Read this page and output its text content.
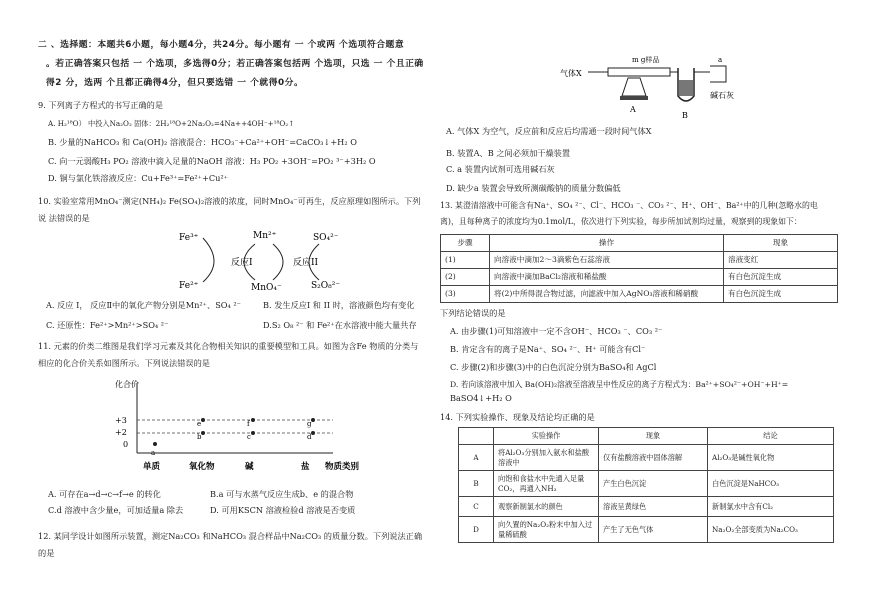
二 、选择题：本题共6小题，每小题4分，共24分。每小题有 一 个或两 个选项符合题意
。若正确答案只包括 一 个选项，多选得0分；若正确答案包括两 个选项，只选 一 个且正确
得2 分，选两 个且都正确得4分，但只要选错 一 个就得0分。
9. 下列离子方程式的书写正确的是
A. H₂¹⁸O） 中投入Na₂O₂ 固体：2H₂¹⁸O+2Na₂O₂=4Na++4OH⁻+¹⁸O₂↑
B. 少量的NaHCO₃ 和 Ca(OH)₂ 溶液混合：HCO₃⁻+Ca²⁺+OH⁻=CaCO₃↓+H₂ O
C. 向一元弱酸H₃ PO₂ 溶液中滴入足量的NaOH 溶液：H₃ PO₂ +3OH⁻=PO₂ ³⁻+3H₂ O
D. 铜与氯化铁溶液反应：Cu+Fe³⁺=Fe²⁺+Cu²⁺
10. 实验室常用MnO₄⁻测定(NH₄)₂ Fe(SO₄)₂溶液的浓度，同时MnO₄⁻可再生，反应原理如图所示。下列
说 法错误的是
Fe³⁺
Fe²⁺
Mn²⁺
MnO₄⁻
SO₄²⁻
S₂O₈²⁻
反应I	反应II
A. 反应 I， 反应Ⅱ中的氧化产物分别是Mn²⁺、SO₄ ²⁻	B. 发生反应I 和 II 时，溶液颜色均有变化
C. 还原性：Fe²⁺>Mn²⁺>SO₄ ²⁻	D.S₂ O₈ ²⁻ 和 Fe²⁺在水溶液中能大量共存
11. 元素的价类二维图是我们学习元素及其化合物相关知识的重要模型和工具。如图为含Fe 物质的分类与
相应的化合价关系如图所示。下列说法错误的是
化合价
+3
+2
0
a
b	c	d
e	f	g
单质	氧化物	碱	盐 物质类别
A. 可存在a→d→c→f→e 的转化	B.a 可与水蒸气反应生成b、e 的混合物
C.d 溶液中含少量e，可加适量a 除去	D. 可用KSCN 溶液检验d 溶液是否变质
12. 某同学设计如图所示装置，测定Na₂CO₃ 和NaHCO₃ 混合样品中Na₂CO₃ 的质量分数。下列说法正确
的是
气体X
m g样品
A
B
a
碱石灰
A. 气体X 为空气，反应前和反应后均需通一段时间气体X
B. 装置A、B 之间必须加干燥装置
C. a 装置内试剂可选用碱石灰
D. 缺少a 装置会导致所测碳酸钠的质量分数偏低
13. 某澄清溶液中可能含有Na⁺、SO₄ ²⁻、Cl⁻、HCO₃ ⁻、CO₃ ²⁻、H⁺、OH⁻、Ba²⁺中的几种(忽略水的电
离)，且每种离子的浓度均为0.1mol/L，依次进行下列实验，每步所加试剂均过量，观察到的现象如下：
步骤	操作	现象
(1)	向溶液中滴加2～3滴紫色石蕊溶液	溶液变红
(2)	向溶液中滴加BaCl₂溶液和稀盐酸	有白色沉淀生成
(3)	将(2)中所得混合物过滤，向滤液中加入AgNO₃溶液和稀硝酸	有白色沉淀生成
下列结论错误的是
A. 由步骤(1)可知溶液中一定不含OH⁻、HCO₃ ⁻、CO₃ ²⁻
B. 肯定含有的离子是Na⁺、SO₄ ²⁻、H⁺ 可能含有Cl⁻
C. 步骤(2)和步骤(3)中的白色沉淀分别为BaSO₄和 AgCl
D. 若向该溶液中加入 Ba(OH)₂溶液至溶液呈中性反应的离子方程式为：Ba²⁺+SO₄²⁻+OH⁻+H⁺=
BaSO4↓+H₂ O
14. 下列实验操作、现象及结论均正确的是
	实验操作	现象	结论
A	将Al₂O₃分别加入氨水和盐酸溶液中	仅有盐酸溶液中固体溶解	Al₂O₃是碱性氧化物
B	向饱和食盐水中先通入足量CO₂，再通入NH₃	产生白色沉淀	白色沉淀是NaHCO₃
C	观察新制氯水的颜色	溶液呈黄绿色	新制氯水中含有Cl₂
D	向久置的Na₂O₂粉末中加入过量稀硫酸	产生了无色气体	Na₂O₂全部变质为Na₂CO₃
